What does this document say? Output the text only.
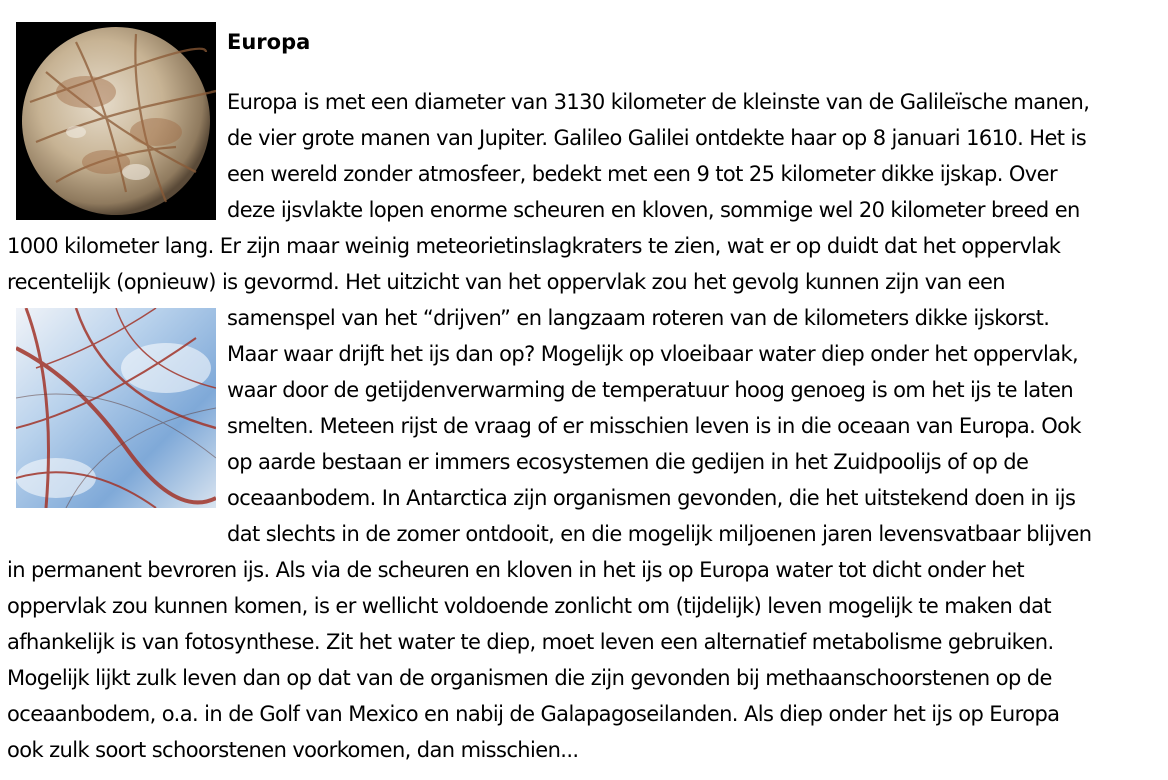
Europa
Europa is met een diameter van 3130 kilometer de kleinste van de Galileïsche manen,
de vier grote manen van Jupiter. Galileo Galilei ontdekte haar op 8 januari 1610. Het is
een wereld zonder atmosfeer, bedekt met een 9 tot 25 kilometer dikke ijskap. Over
deze ijsvlakte lopen enorme scheuren en kloven, sommige wel 20 kilometer breed en
1000 kilometer lang. Er zijn maar weinig meteorietinslagkraters te zien, wat er op duidt dat het oppervlak
recentelijk (opnieuw) is gevormd. Het uitzicht van het oppervlak zou het gevolg kunnen zijn van een
samenspel van het “drijven” en langzaam roteren van de kilometers dikke ijskorst.
Maar waar drijft het ijs dan op? Mogelijk op vloeibaar water diep onder het oppervlak,
waar door de getijdenverwarming de temperatuur hoog genoeg is om het ijs te laten
smelten. Meteen rijst de vraag of er misschien leven is in die oceaan van Europa. Ook
op aarde bestaan er immers ecosystemen die gedijen in het Zuidpoolijs of op de
oceaanbodem. In Antarctica zijn organismen gevonden, die het uitstekend doen in ijs
dat slechts in de zomer ontdooit, en die mogelijk miljoenen jaren levensvatbaar blijven
in permanent bevroren ijs. Als via de scheuren en kloven in het ijs op Europa water tot dicht onder het
oppervlak zou kunnen komen, is er wellicht voldoende zonlicht om (tijdelijk) leven mogelijk te maken dat
afhankelijk is van fotosynthese. Zit het water te diep, moet leven een alternatief metabolisme gebruiken.
Mogelijk lijkt zulk leven dan op dat van de organismen die zijn gevonden bij methaanschoorstenen op de
oceaanbodem, o.a. in de Golf van Mexico en nabij de Galapagoseilanden. Als diep onder het ijs op Europa
ook zulk soort schoorstenen voorkomen, dan misschien...
